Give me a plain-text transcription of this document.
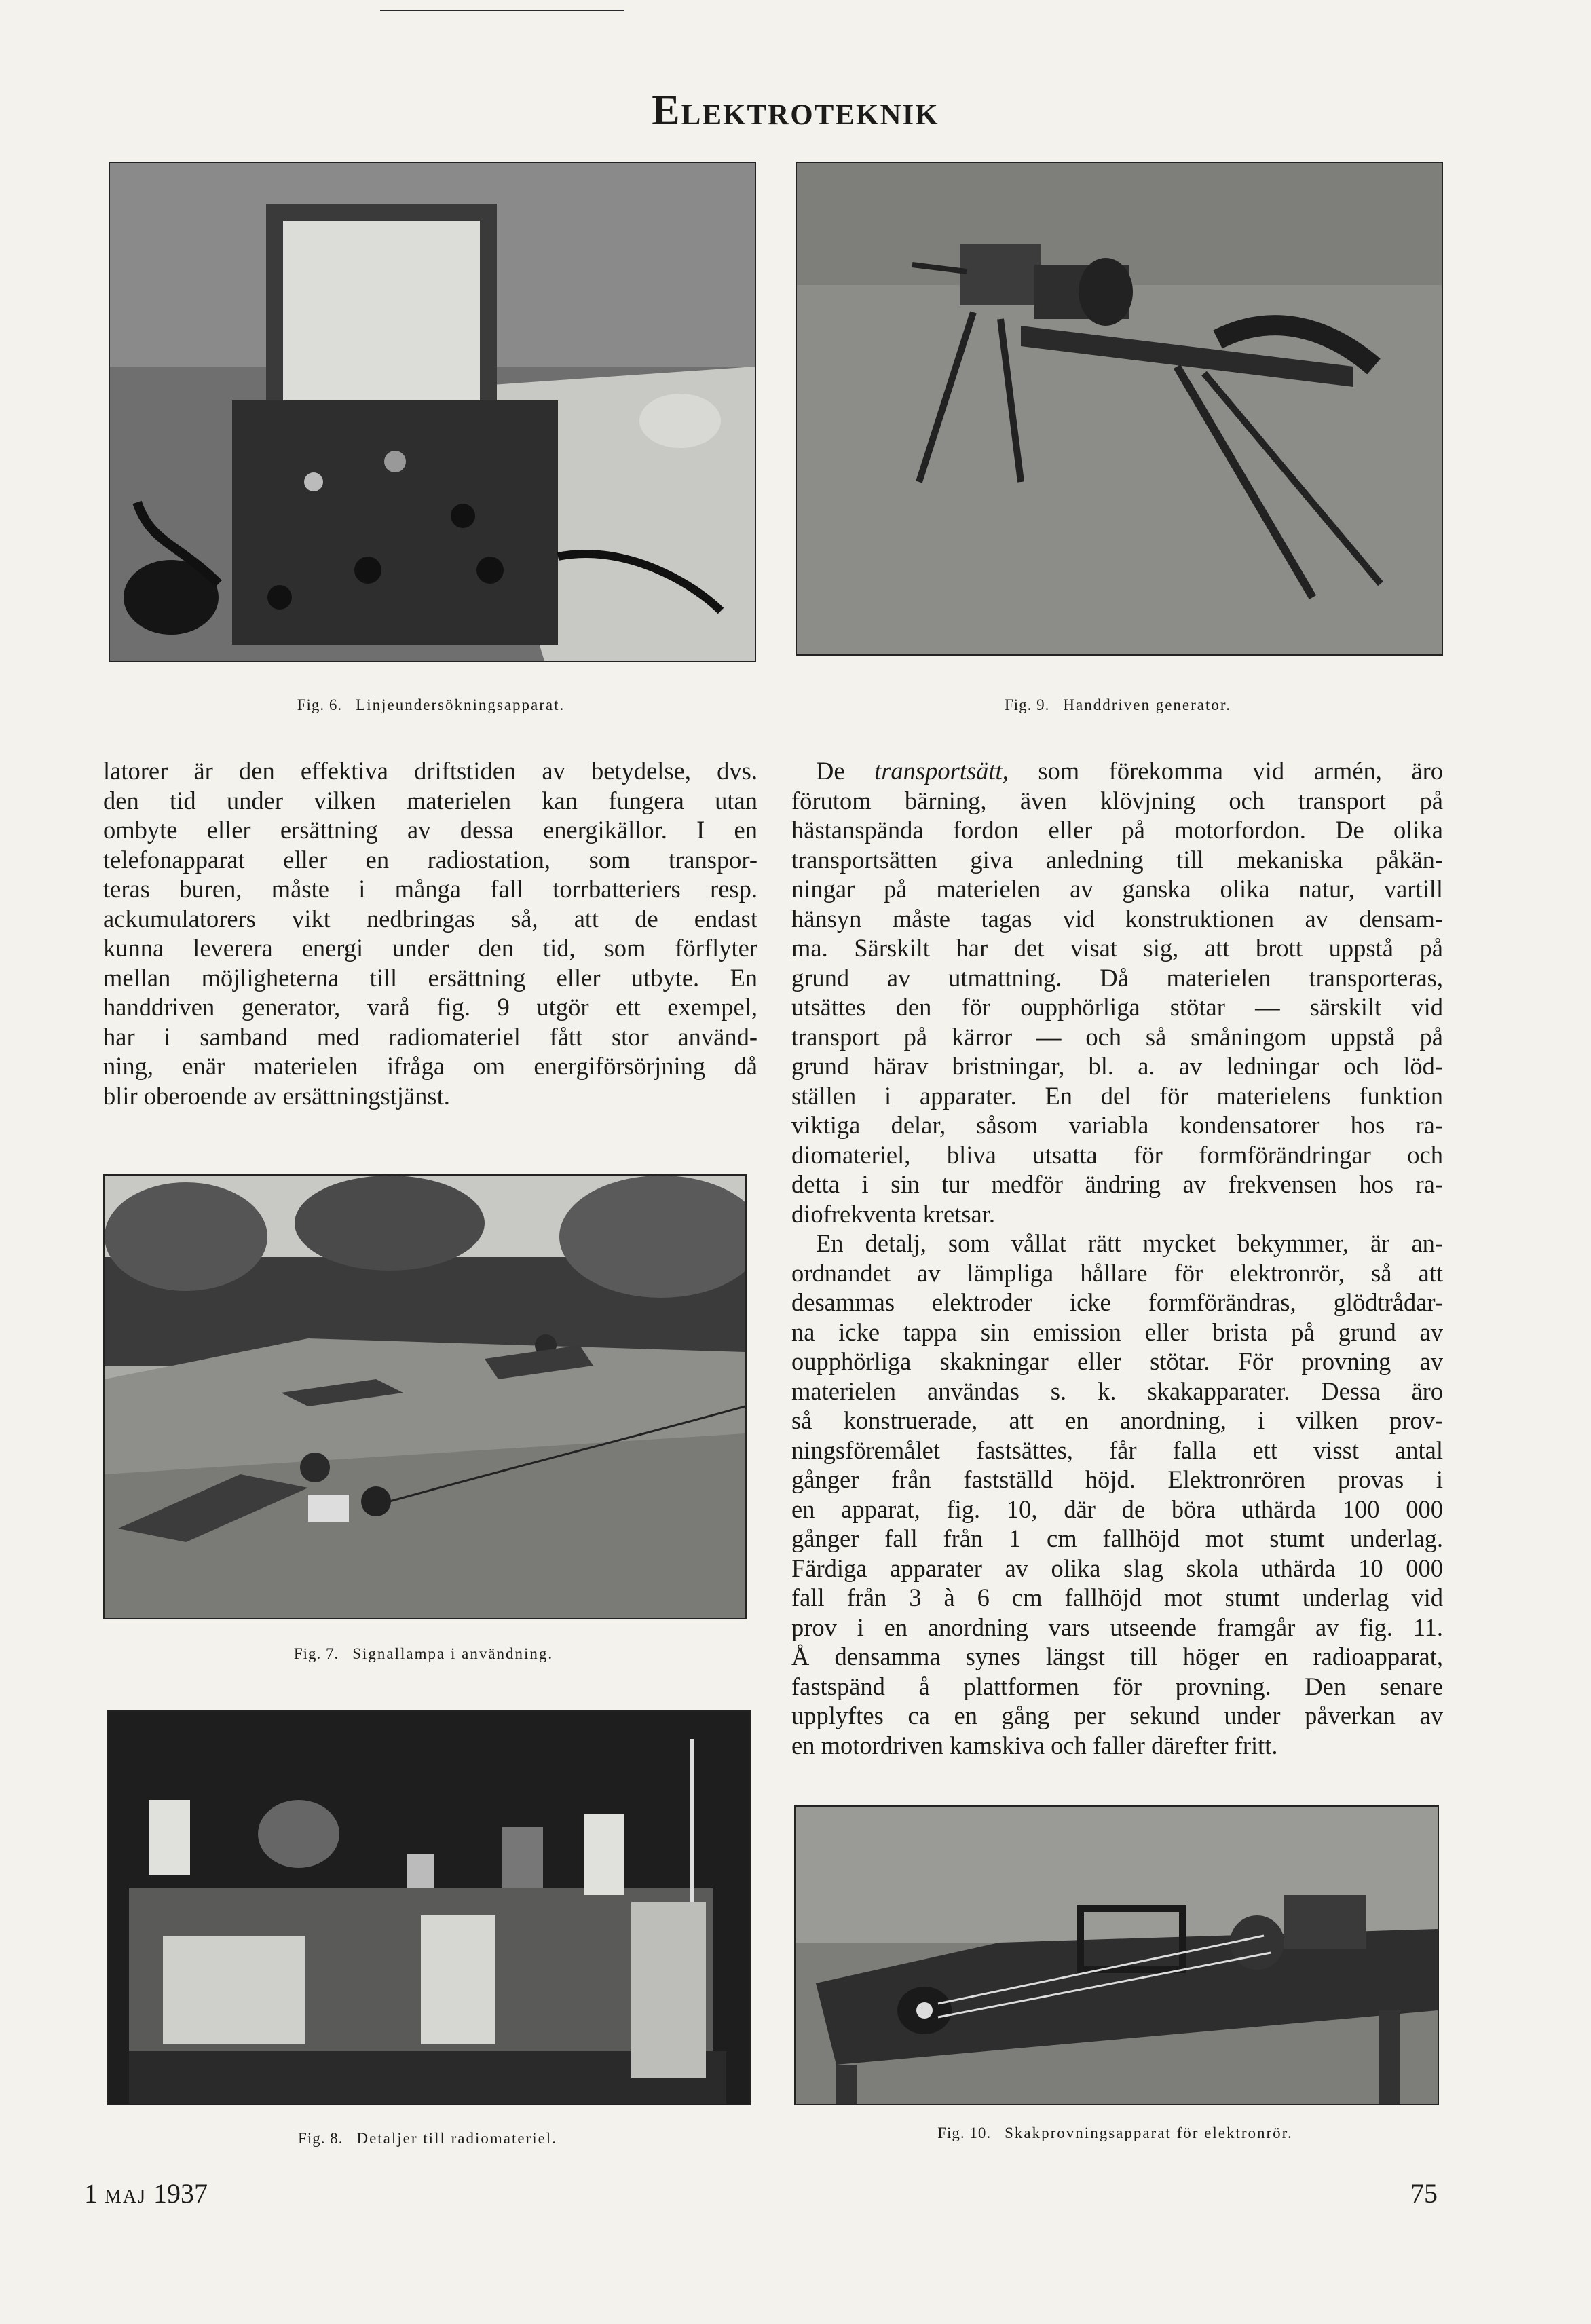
Elektroteknik
Fig. 6. Linjeundersökningsapparat.	Fig. 9. Handdriven generator.
latorer är den effektiva driftstiden av betydelse, dvs.
den tid under vilken materielen kan fungera utan
ombyte eller ersättning av dessa energikällor. I en
telefonapparat eller en radiostation, som transpor-
teras buren, måste i många fall torrbatteriers resp.
ackumulatorers vikt nedbringas så, att de endast
kunna leverera energi under den tid, som förflyter
mellan möjligheterna till ersättning eller utbyte. En
handdriven generator, varå fig. 9 utgör ett exempel,
har i samband med radiomateriel fått stor använd-
ning, enär materielen ifråga om energiförsörjning då
blir oberoende av ersättningstjänst.
Fig. 7. Signallampa i användning.
Fig. 8. Detaljer till radiomateriel.
De transportsätt, som förekomma vid armén, äro
förutom bärning, även klövjning och transport på
hästanspända fordon eller på motorfordon. De olika
transportsätten giva anledning till mekaniska påkän-
ningar på materielen av ganska olika natur, vartill
hänsyn måste tagas vid konstruktionen av densam-
ma. Särskilt har det visat sig, att brott uppstå på
grund av utmattning. Då materielen transporteras,
utsättes den för oupphörliga stötar — särskilt vid
transport på kärror — och så småningom uppstå på
grund härav bristningar, bl. a. av ledningar och löd-
ställen i apparater. En del för materielens funktion
viktiga delar, såsom variabla kondensatorer hos ra-
diomateriel, bliva utsatta för formförändringar och
detta i sin tur medför ändring av frekvensen hos ra-
diofrekventa kretsar.
En detalj, som vållat rätt mycket bekymmer, är an-
ordnandet av lämpliga hållare för elektronrör, så att
desammas elektroder icke formförändras, glödtrådar-
na icke tappa sin emission eller brista på grund av
oupphörliga skakningar eller stötar. För provning av
materielen användas s. k. skakapparater. Dessa äro
så konstruerade, att en anordning, i vilken prov-
ningsföremålet fastsättes, får falla ett visst antal
gånger från fastställd höjd. Elektronrören provas i
en apparat, fig. 10, där de böra uthärda 100 000
gånger fall från 1 cm fallhöjd mot stumt underlag.
Färdiga apparater av olika slag skola uthärda 10 000
fall från 3 à 6 cm fallhöjd mot stumt underlag vid
prov i en anordning vars utseende framgår av fig. 11.
Å densamma synes längst till höger en radioapparat,
fastspänd å plattformen för provning. Den senare
upplyftes ca en gång per sekund under påverkan av
en motordriven kamskiva och faller därefter fritt.
Fig. 10. Skakprovningsapparat för elektronrör.
1 maj 1937	75
